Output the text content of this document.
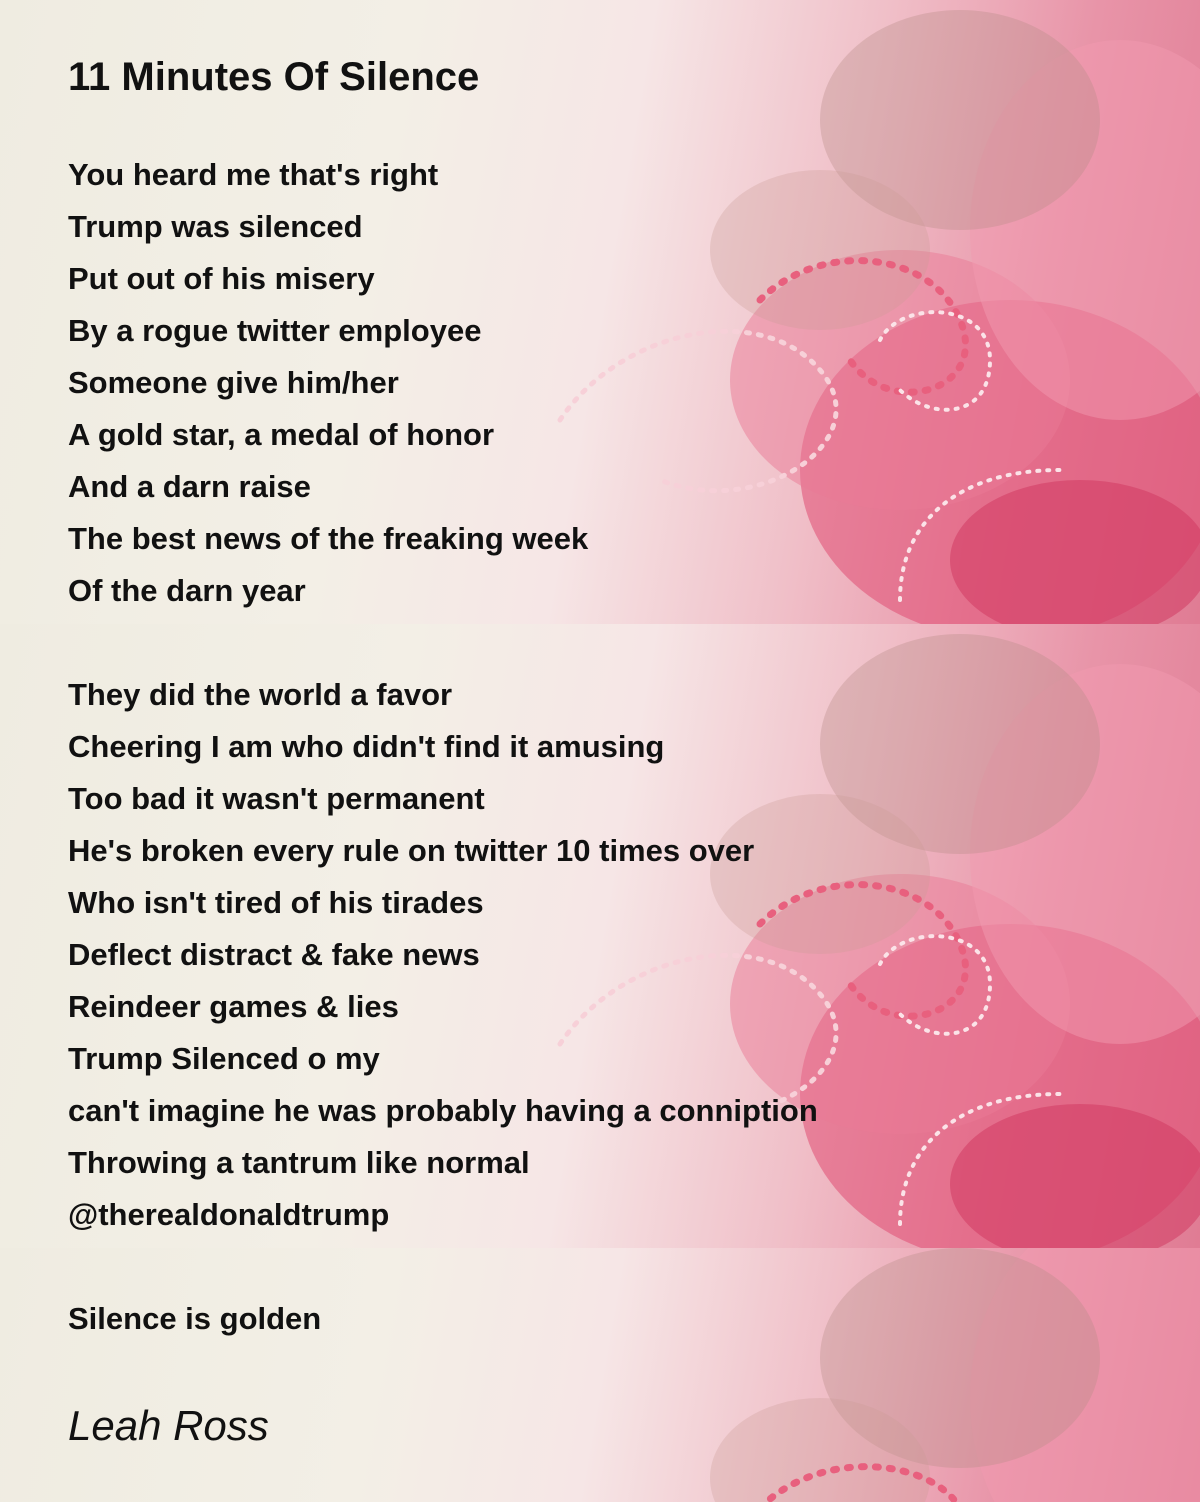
11 Minutes Of Silence
You heard me that's right
Trump was silenced
Put out of his misery
By a rogue twitter employee
Someone give him/her
A gold star, a medal of honor
And a darn raise
The best news of the freaking week
Of the darn year
They did the world a favor
Cheering I am who didn't find it amusing
Too bad it wasn't permanent
He's broken every rule on twitter 10 times over
Who isn't tired of his tirades
Deflect distract & fake news
Reindeer games & lies
Trump Silenced o my
can't imagine he was probably having a conniption
Throwing a tantrum like normal
@therealdonaldtrump
Silence is golden
Leah Ross
